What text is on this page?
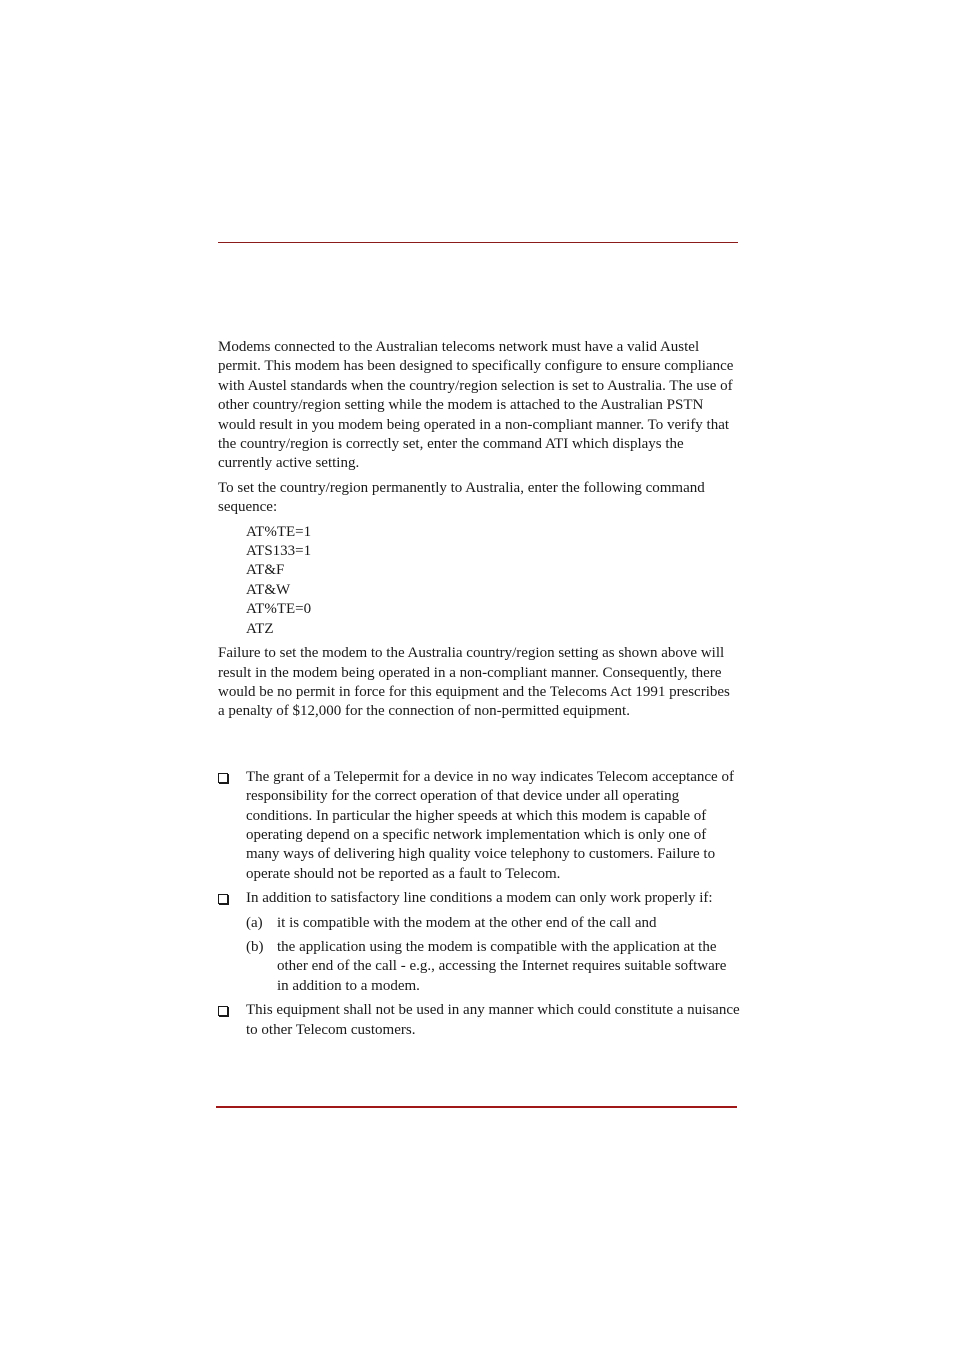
Modems connected to the Australian telecoms network must have a valid Austel permit. This modem has been designed to specifically configure to ensure compliance with Austel standards when the country/region selection is set to Australia. The use of other country/region setting while the modem is attached to the Australian PSTN would result in you modem being operated in a non-compliant manner. To verify that the country/region is correctly set, enter the command ATI which displays the currently active setting.

To set the country/region permanently to Australia, enter the following command sequence:

AT%TE=1
ATS133=1
AT&F
AT&W
AT%TE=0
ATZ

Failure to set the modem to the Australia country/region setting as shown above will result in the modem being operated in a non-compliant manner. Consequently, there would be no permit in force for this equipment and the Telecoms Act 1991 prescribes a penalty of $12,000 for the connection of non-permitted equipment.

The grant of a Telepermit for a device in no way indicates Telecom acceptance of responsibility for the correct operation of that device under all operating conditions. In particular the higher speeds at which this modem is capable of operating depend on a specific network implementation which is only one of many ways of delivering high quality voice telephony to customers. Failure to operate should not be reported as a fault to Telecom.
In addition to satisfactory line conditions a modem can only work properly if:
(a) it is compatible with the modem at the other end of the call and
(b) the application using the modem is compatible with the application at the other end of the call - e.g., accessing the Internet requires suitable software in addition to a modem.
This equipment shall not be used in any manner which could constitute a nuisance to other Telecom customers.
